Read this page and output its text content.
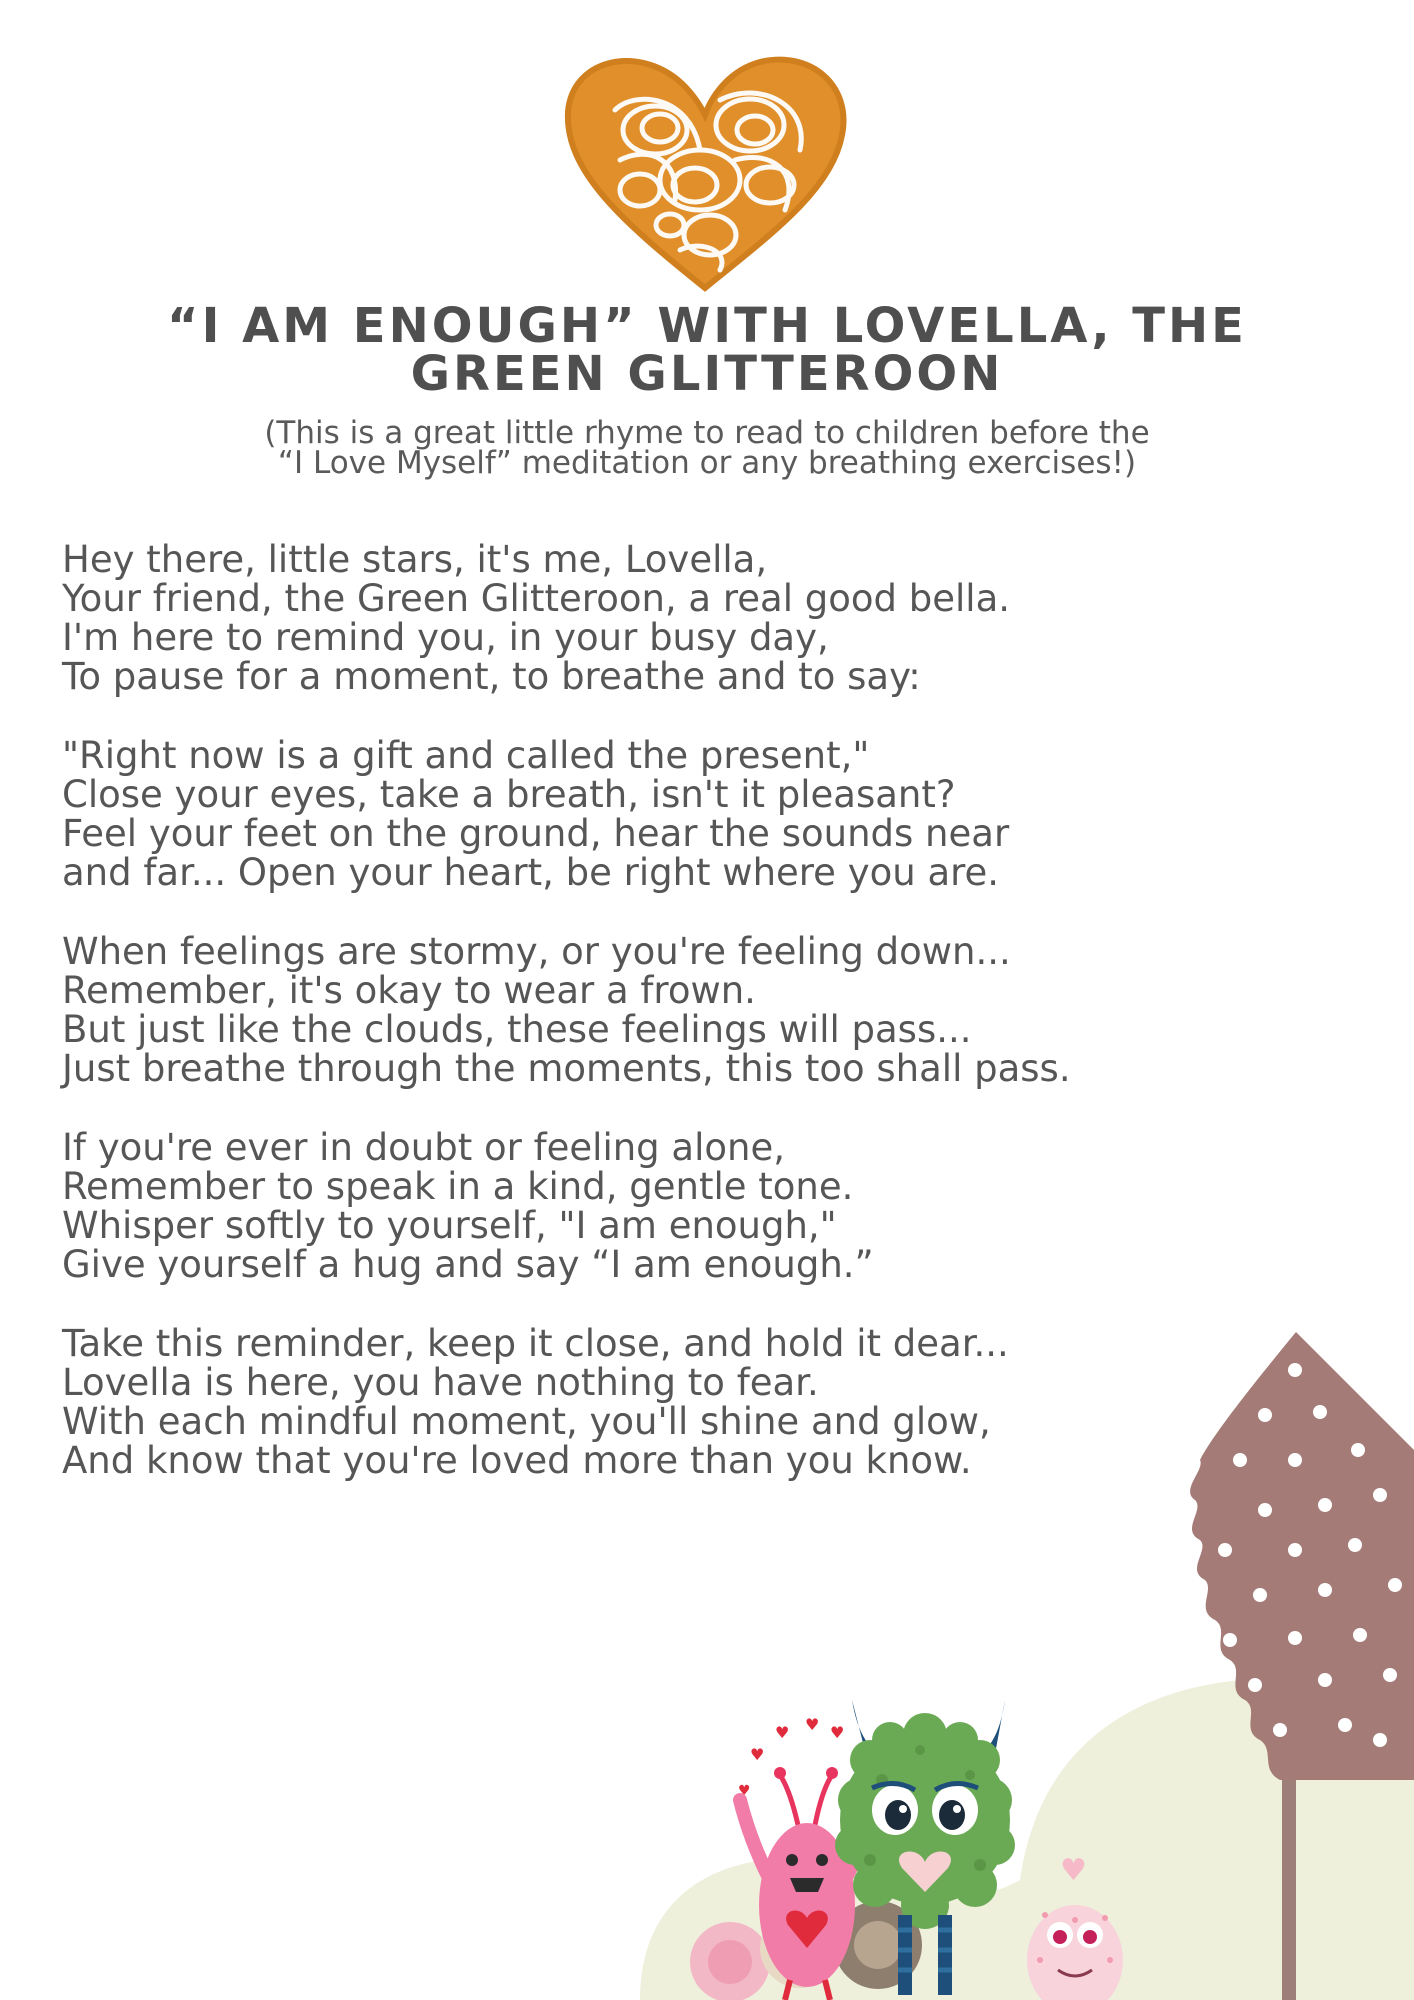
“I AM ENOUGH” WITH LOVELLA, THE
GREEN GLITTEROON
(This is a great little rhyme to read to children before the
“I Love Myself” meditation or any breathing exercises!)
Hey there, little stars, it's me, Lovella,
Your friend, the Green Glitteroon, a real good bella.
I'm here to remind you, in your busy day,
To pause for a moment, to breathe and to say:
"Right now is a gift and called the present,"
Close your eyes, take a breath, isn't it pleasant?
Feel your feet on the ground, hear the sounds near
and far... Open your heart, be right where you are.
When feelings are stormy, or you're feeling down...
Remember, it's okay to wear a frown.
But just like the clouds, these feelings will pass...
Just breathe through the moments, this too shall pass.
If you're ever in doubt or feeling alone,
Remember to speak in a kind, gentle tone.
Whisper softly to yourself, "I am enough,"
Give yourself a hug and say “I am enough.”
Take this reminder, keep it close, and hold it dear...
Lovella is here, you have nothing to fear.
With each mindful moment, you'll shine and glow,
And know that you're loved more than you know.
♥
♥ ♥ ♥
♥
♥
